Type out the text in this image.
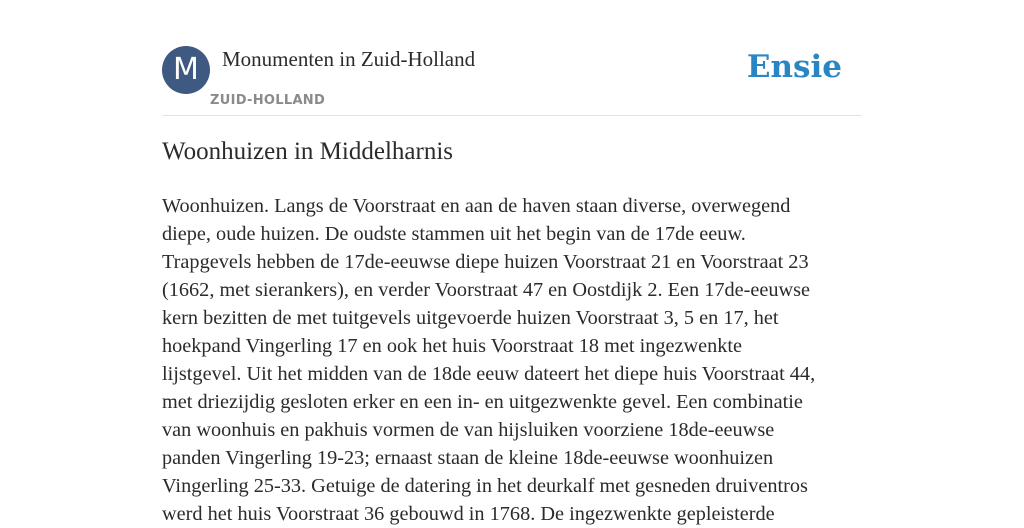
M	Monumenten in Zuid-Holland
ZUID-HOLLAND
Ensie
Woonhuizen in Middelharnis
Woonhuizen. Langs de Voorstraat en aan de haven staan diverse, overwegend
diepe, oude huizen. De oudste stammen uit het begin van de 17de eeuw.
Trapgevels hebben de 17de-eeuwse diepe huizen Voorstraat 21 en Voorstraat 23
(1662, met sierankers), en verder Voorstraat 47 en Oostdijk 2. Een 17de-eeuwse
kern bezitten de met tuitgevels uitgevoerde huizen Voorstraat 3, 5 en 17, het
hoekpand Vingerling 17 en ook het huis Voorstraat 18 met ingezwenkte
lijstgevel. Uit het midden van de 18de eeuw dateert het diepe huis Voorstraat 44,
met driezijdig gesloten erker en een in- en uitgezwenkte gevel. Een combinatie
van woonhuis en pakhuis vormen de van hijsluiken voorziene 18de-eeuwse
panden Vingerling 19-23; ernaast staan de kleine 18de-eeuwse woonhuizen
Vingerling 25-33. Getuige de datering in het deurkalf met gesneden druiventros
werd het huis Voorstraat 36 gebouwd in 1768. De ingezwenkte gepleisterde
